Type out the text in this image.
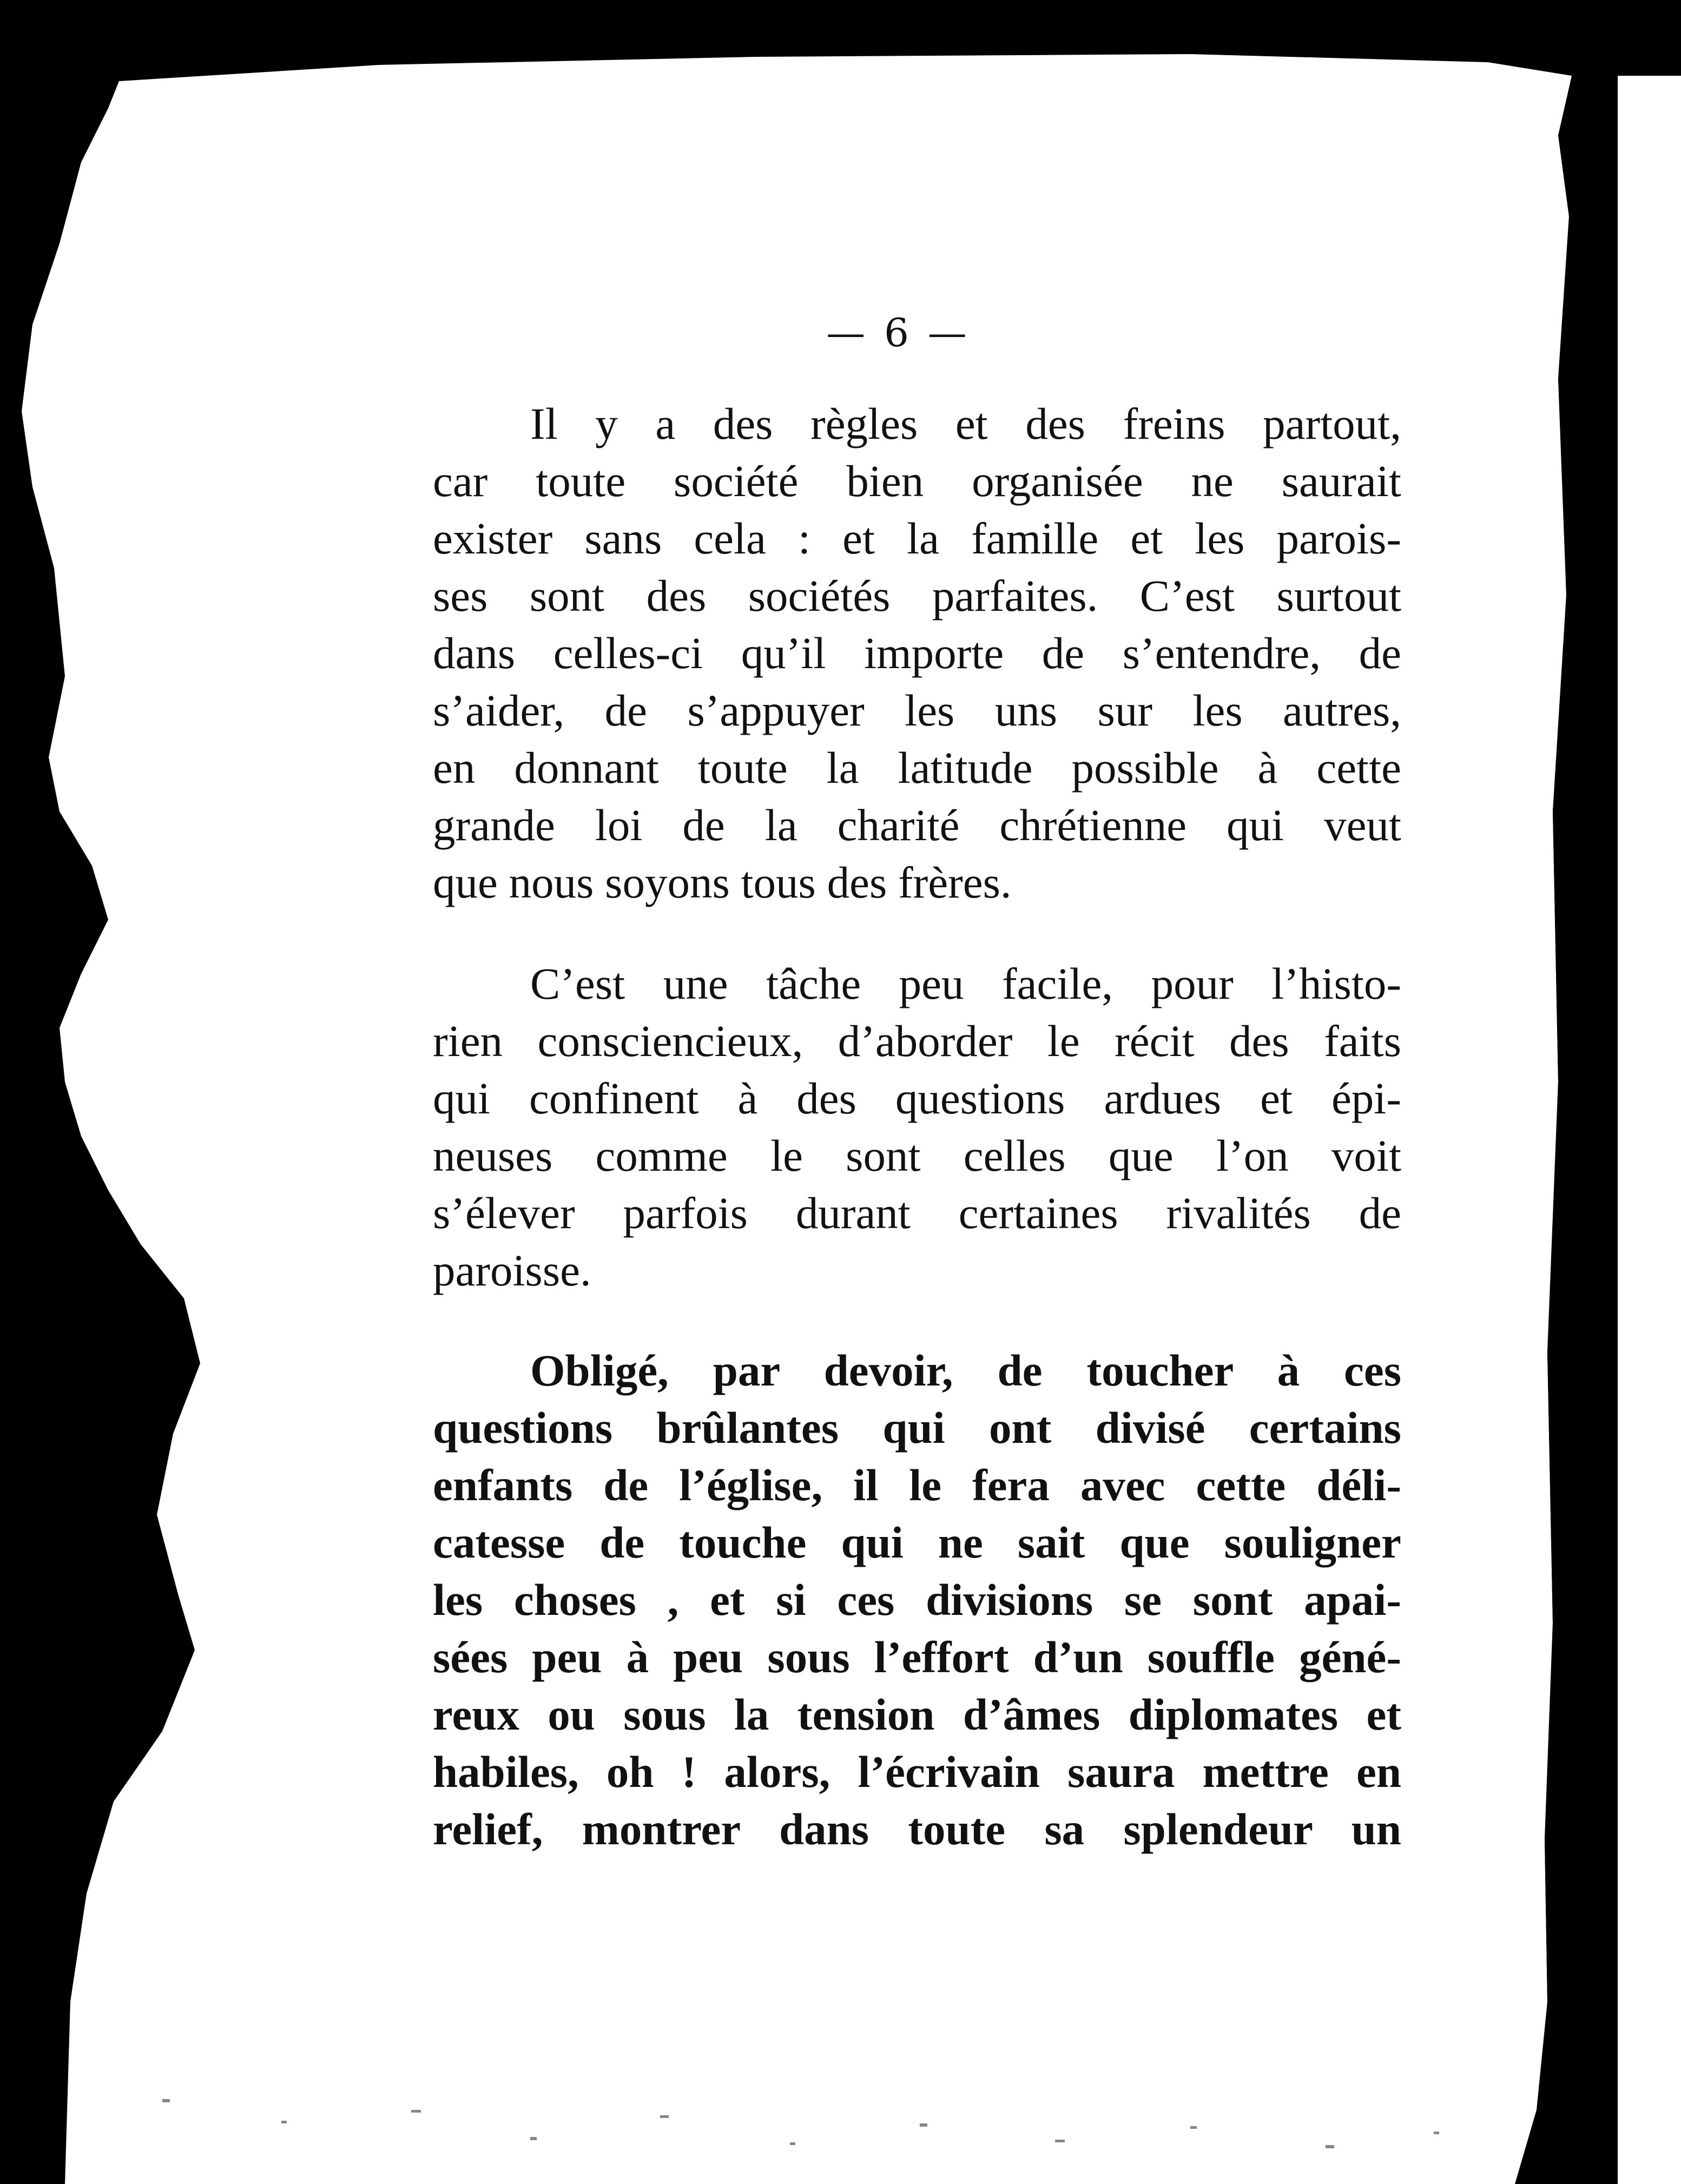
— 6 —
Il y a des règles et des freins partout,
car toute société bien organisée ne saurait
exister sans cela : et la famille et les parois-
ses sont des sociétés parfaites. C’est surtout
dans celles-ci qu’il importe de s’entendre, de
s’aider, de s’appuyer les uns sur les autres,
en donnant toute la latitude possible à cette
grande loi de la charité chrétienne qui veut
que nous soyons tous des frères.
C’est une tâche peu facile, pour l’histo-
rien consciencieux, d’aborder le récit des faits
qui confinent à des questions ardues et épi-
neuses comme le sont celles que l’on voit
s’élever parfois durant certaines rivalités de
paroisse.
Obligé, par devoir, de toucher à ces
questions brûlantes qui ont divisé certains
enfants de l’église, il le fera avec cette déli-
catesse de touche qui ne sait que souligner
les choses , et si ces divisions se sont apai-
sées peu à peu sous l’effort d’un souffle géné-
reux ou sous la tension d’âmes diplomates et
habiles, oh ! alors, l’écrivain saura mettre en
relief, montrer dans toute sa splendeur un
